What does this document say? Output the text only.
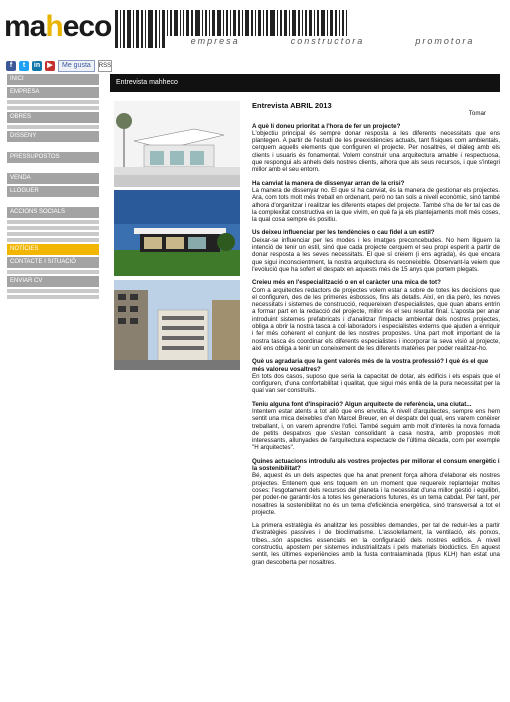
maheco	empresa	constructora	promotora
f	t	in	▶	Me gusta	RSS
INICI
EMPRESA
OBRES
DISSENY
PRESSUPOSTOS
VENDA
LLOGUER
ACCIONS SOCIALS
NOTÍCIES
CONTACTE I SITUACIÓ
ENVIAR CV
Entrevista mahheco
Entrevista ABRIL 2013
Tomar

A què li doneu prioritat a l'hora de fer un projecte?

L'objectiu principal és sempre donar resposta a les diferents necessitats que ens plantegen. A partir de l'estudi de les preexistències actuals, tant físiques com ambientals, cerquem aquells elements que configuren el projecte. Per nosaltres, el diàleg amb els clients i usuaris és fonamental. Volem construir una arquitectura amable i respectuosa, que respongui als anhels dels nostres clients, alhora que als seus recursos, i que s'integri millor amb el seu entorn.

Ha canviat la manera de dissenyar arran de la crisi?

La manera de dissenyar no. El que sí ha canviat, és la manera de gestionar els projectes. Ara, com tots molt més treball en ordenant, però no tan sols a nivell econòmic, sinó també alhora d'organitzar i realitzar les diferents etapes del projecte. També s'ha de fer tal cas de la complexitat constructiva en la que vivim, en què fa ja els plantejaments molt més coses, la qual cosa sempre és positiu.

Us deixeu influenciar per les tendències o cau fidel a un estil?

Deixar-se influenciar per les modes i les imatges preconcebudes. No hem lliguem la intenció de tenir un estil, sinó que cada projecte cerquem el seu propi esperit a partir de donar resposta a les seves necessitats. El que sí creiem (i ens agrada), és que encara que sigui inconscientment, la nostra arquitectura és reconeixible. Observant-la veiem que l'evolució que ha sofert el despatx en aquests més de 15 anys que portem plegats.

Creieu més en l'especialització o en el caràcter una mica de tot?

Com a arquitectes redactors de projectes volem estar a sobre de totes les decisions que el configuren, des de les primeres esbossos, fins als detalls. Així, en dia però, les noves necessitats i sistemes de construcció, requereixen d'especialistes, que quan abans entrin a formar part en la redacció del projecte, millor és el seu resultat final. L'aposta per anar introduint sistemes prefabricats i d'analitzar l'impacte ambiental dels nostres projectes, obliga a obrir la nostra tasca a col·laboradors i especialistes externs que ajuden a enriquir i fer més coherent el conjunt de les nostres propostes. Una part molt important de la nostra tasca és coordinar els diferents especialistes i incorporar la seva visió al projecte, així ens obliga a tenir un coneixement de les diferents matèries per poder realitzar-ho.

Què us agradaria que la gent valorés més de la vostra professió? I què és el que més valoreu vosaltres?

En tots dos casos, suposo que seria la capacitat de dotar, als edificis i els espais que el configuren, d'una confortabilitat i qualitat, que sigui més enllà de la pura necessitat per la qual van ser construïts.

Teniu alguna font d'inspiració? Algun arquitecte de referència, una ciutat...

Intentem estar atents a tot allò que ens envolta. A nivell d'arquitectes, sempre ens hem sentit una mica deixebles d'en Marcel Breuer, en el despatx del qual, ens varem conèixer treballant, i, on varem aprendre l'ofici. També seguim amb molt d'interès la nova fornada de petits despatxos que s'estan consolidant a casa nostra, amb propostes molt interessants, allunyades de l'arquitectura espectacle de l'última dècada, com per exemple "H arquitectes".

Quines actuacions introduïu als vostres projectes per millorar el consum energètic i la sostenibilitat?

Bé, aquest és un dels aspectes que ha anat prenent força alhora d'elaborar els nostres projectes. Entenem que ens toquem en un moment que requereix replantejar moltes coses: l'esgotament dels recursos del planeta i la necessitat d'una millor gestió i equilibri, per poder-ne garantir-los a totes les generacions futures, és un tema cabdal. Per tant, per nosaltres la sostenibilitat no és un tema d'eficiència energètica, sinó transversal a tot el projecte.

La primera estratègia és analitzar les possibles demandes, per tal de reduir-les a partir d'estratègies passives i de bioclimatisme. L'assolellament, la ventilació, els porxos, tribes...són aspectes essencials en la configuració dels nostres edificis. A nivell constructiu, apostem per sistemes industrialitzats i pels materials biodúctics. En aquest sentit, les últimes experiències amb la fusta contralaminada (tipus KLH) han estat una gran descoberta per nosaltres.
